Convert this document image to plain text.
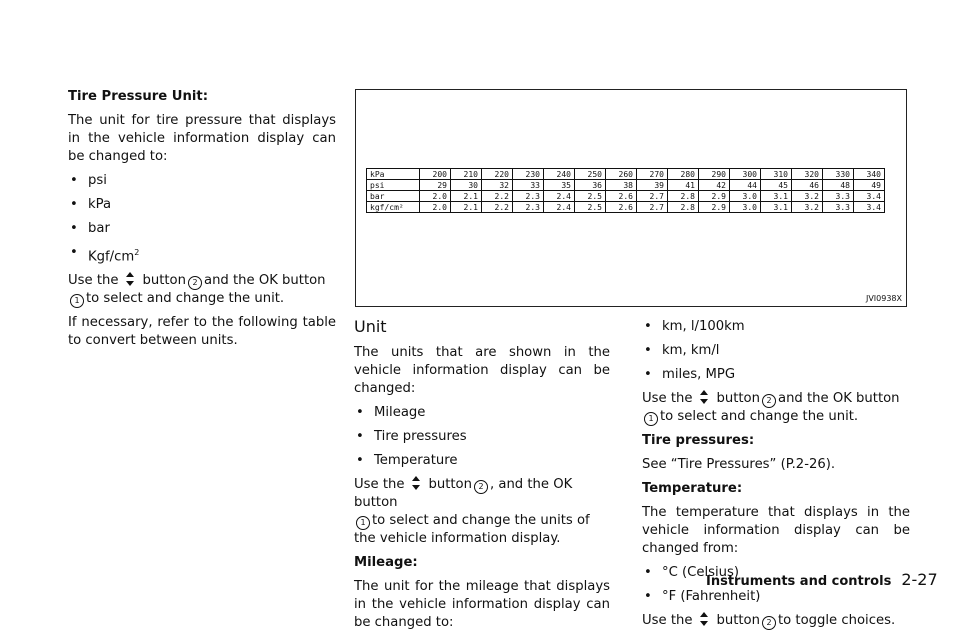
Tire Pressure Unit:

The unit for tire pressure that displays in the vehicle information display can be changed to:

• psi

• kPa

• bar

• Kgf/$cm^2$

Use the button 2 and the OK button
1 to select and change the unit.

If necessary, refer to the following table to convert between units.

kPa	200	210	220	230	240	250	260	270	280	290	300	310	320	330	340
psi	29	30	32	33	35	36	38	39	41	42	44	45	46	48	49
bar	2.0	2.1	2.2	2.3	2.4	2.5	2.6	2.7	2.8	2.9	3.0	3.1	3.2	3.3	3.4
kgf/cm²	2.0	2.1	2.2	2.3	2.4	2.5	2.6	2.7	2.8	2.9	3.0	3.1	3.2	3.3	3.4
JVI0938X
Unit

The units that are shown in the vehicle information display can be changed:

• Mileage

• Tire pressures

• Temperature

Use the button 2 , and the OK button
1 to select and change the units of the vehicle information display.

Mileage:

The unit for the mileage that displays in the vehicle information display can be changed to:

• km, l/100km

• km, km/l

• miles, MPG

Use the button 2 and the OK button
1 to select and change the unit.

Tire pressures:

See “Tire Pressures” (P.2-26).

Temperature:

The temperature that displays in the vehicle information display can be changed from:

• °C (Celsius)

• °F (Fahrenheit)

Use the button 2 to toggle choices.

Instruments and controls 2-27
